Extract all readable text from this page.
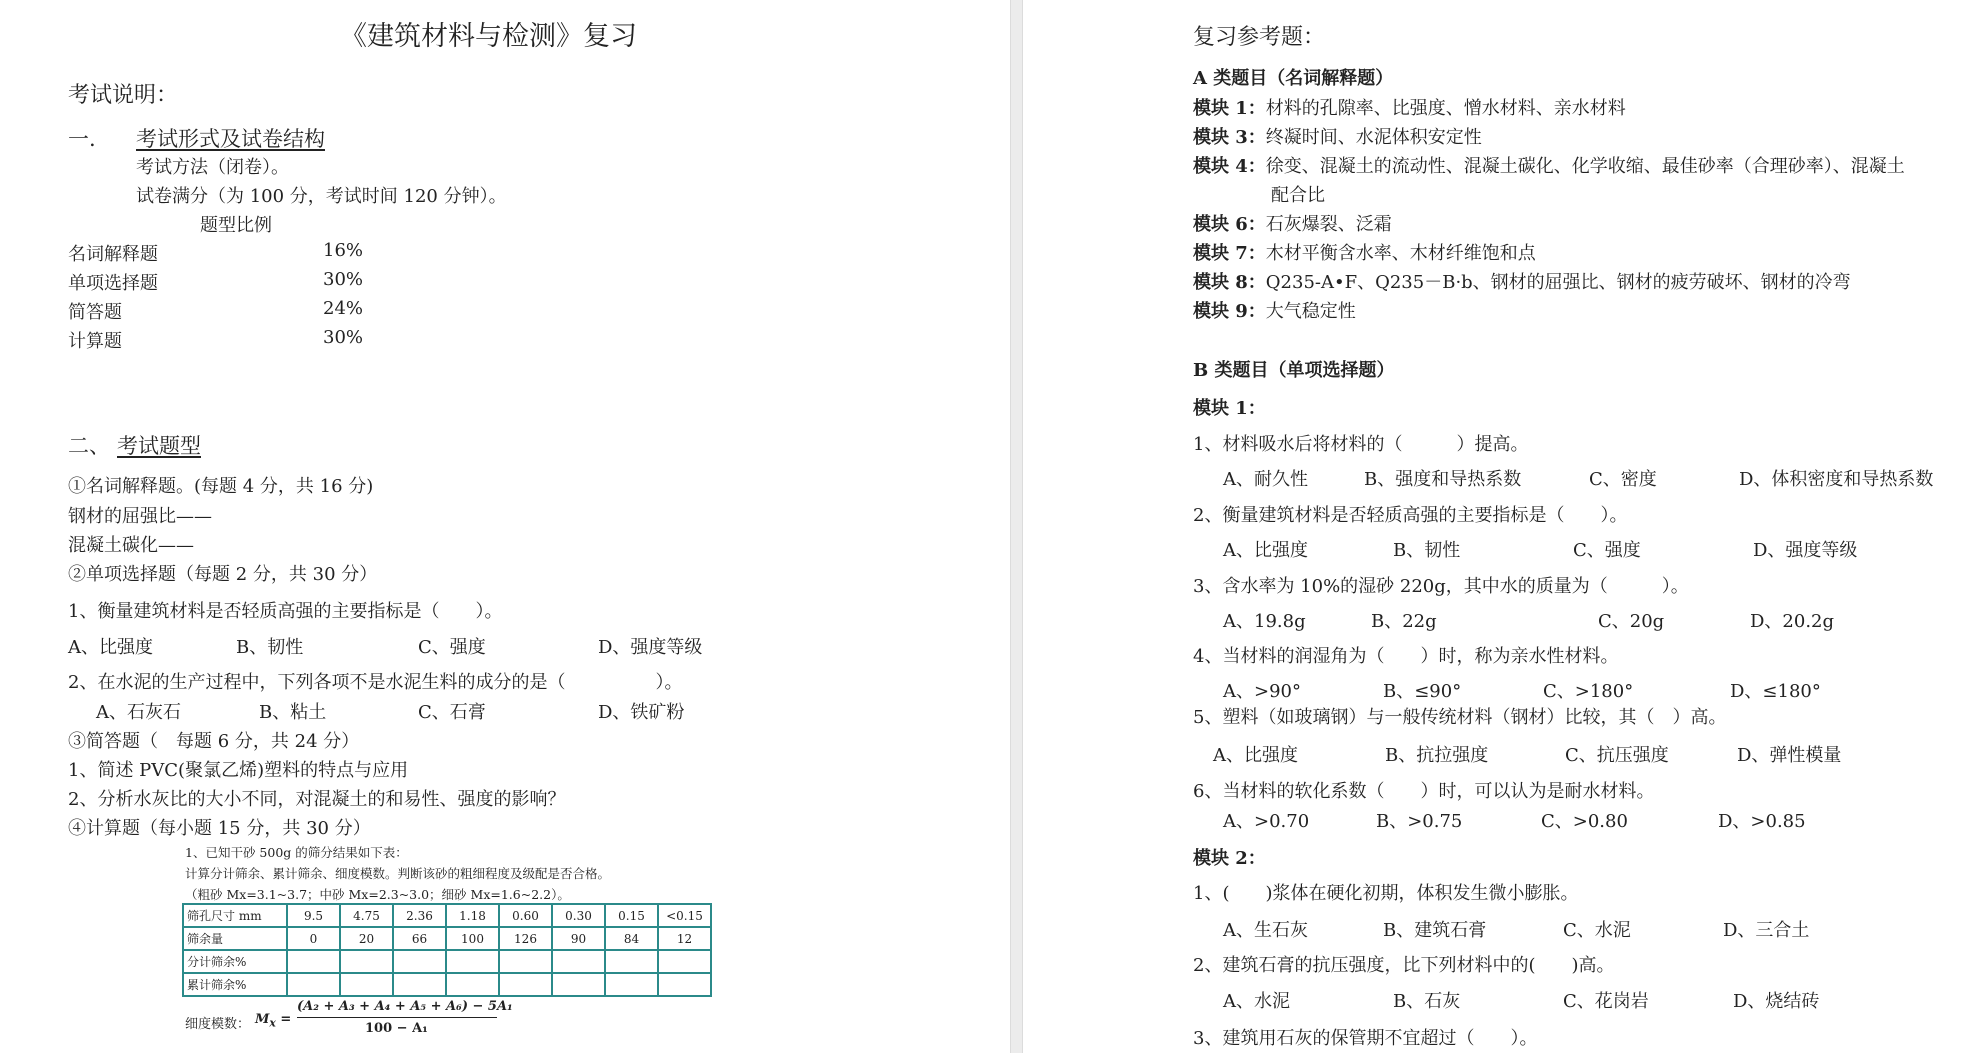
《建筑材料与检测》复习
考试说明：
一. 考试形式及试卷结构
考试方法（闭卷）。
试卷满分（为 100 分，考试时间 120 分钟）。
题型比例
名词解释题	16%
单项选择题	30%
简答题	24%
计算题	30%
二、 考试题型
①名词解释题。(每题 4 分，共 16 分)
钢材的屈强比——
混凝土碳化——
②单项选择题（每题 2 分，共 30 分）
1、衡量建筑材料是否轻质高强的主要指标是（　　）。
A、比强度	B、韧性	C、强度	D、强度等级
2、在水泥的生产过程中，下列各项不是水泥生料的成分的是（　　　　　）。
A、石灰石	B、粘土	C、石膏	D、铁矿粉
③简答题（　每题 6 分，共 24 分）
1、简述 PVC(聚氯乙烯)塑料的特点与应用
2、分析水灰比的大小不同，对混凝土的和易性、强度的影响？
④计算题（每小题 15 分，共 30 分）
1、已知干砂 500g 的筛分结果如下表：
计算分计筛余、累计筛余、细度模数。判断该砂的粗细程度及级配是否合格。
（粗砂 Mx=3.1~3.7；中砂 Mx=2.3~3.0；细砂 Mx=1.6~2.2）。
筛孔尺寸 mm	9.5	4.75	2.36	1.18	0.60	0.30	0.15	<0.15
筛余量	0	20	66	100	126	90	84	12
分计筛余%								
累计筛余%								
细度模数： $M_x$ =
(A₂ + A₃ + A₄ + A₅ + A₆) − 5A₁
100 − A₁
复习参考题：
A 类题目（名词解释题）
模块 1：材料的孔隙率、比强度、憎水材料、亲水材料
模块 3：终凝时间、水泥体积安定性
模块 4：徐变、混凝土的流动性、混凝土碳化、化学收缩、最佳砂率（合理砂率）、混凝土
配合比
模块 6：石灰爆裂、泛霜
模块 7：木材平衡含水率、木材纤维饱和点
模块 8：Q235-A•F、Q235－B·b、钢材的屈强比、钢材的疲劳破坏、钢材的冷弯
模块 9：大气稳定性
B 类题目（单项选择题）
模块 1：
1、材料吸水后将材料的（　　　）提高。
A、耐久性	B、强度和导热系数	C、密度	D、体积密度和导热系数
2、衡量建筑材料是否轻质高强的主要指标是（　　）。
A、比强度	B、韧性	C、强度	D、强度等级
3、含水率为 10%的湿砂 220g，其中水的质量为（　　　）。
A、19.8g	B、22g	C、20g	D、20.2g
4、当材料的润湿角为（　　）时，称为亲水性材料。
A、>90°	B、≤90°	C、>180°	D、≤180°
5、塑料（如玻璃钢）与一般传统材料（钢材）比较，其（　）高。
A、比强度	B、抗拉强度	C、抗压强度	D、弹性模量
6、当材料的软化系数（　　）时，可以认为是耐水材料。
A、>0.70	B、>0.75	C、>0.80	D、>0.85
模块 2：
1、(　　)浆体在硬化初期，体积发生微小膨胀。
A、生石灰	B、建筑石膏	C、水泥	D、三合土
2、建筑石膏的抗压强度，比下列材料中的(　　)高。
A、水泥	B、石灰	C、花岗岩	D、烧结砖
3、建筑用石灰的保管期不宜超过（　　）。
